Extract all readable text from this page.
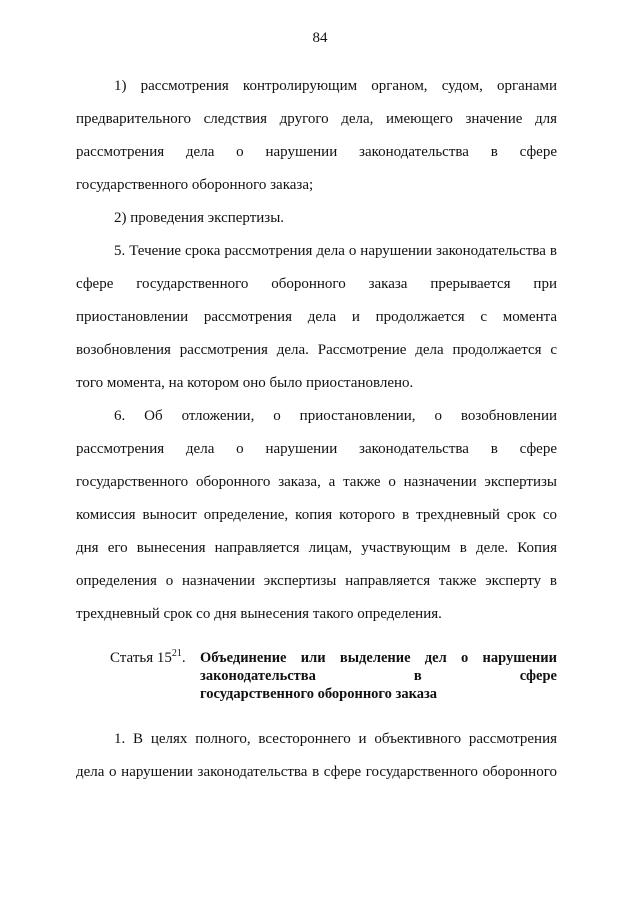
84

1) рассмотрения контролирующим органом, судом, органами предварительного следствия другого дела, имеющего значение для рассмотрения дела о нарушении законодательства в сфере государственного оборонного заказа;

2) проведения экспертизы.

5. Течение срока рассмотрения дела о нарушении законодательства в сфере государственного оборонного заказа прерывается при приостановлении рассмотрения дела и продолжается с момента возобновления рассмотрения дела. Рассмотрение дела продолжается с того момента, на котором оно было приостановлено.

6. Об отложении, о приостановлении, о возобновлении рассмотрения дела о нарушении законодательства в сфере государственного оборонного заказа, а также о назначении экспертизы комиссия выносит определение, копия которого в трехдневный срок со дня его вынесения направляется лицам, участвующим в деле. Копия определения о назначении экспертизы направляется также эксперту в трехдневный срок со дня вынесения такого определения.

Статья $15^{21}$. Объединение или выделение дел о нарушении
законодательства в сфере
государственного оборонного заказа

1. В целях полного, всестороннего и объективного рассмотрения дела о нарушении законодательства в сфере государственного оборонного
